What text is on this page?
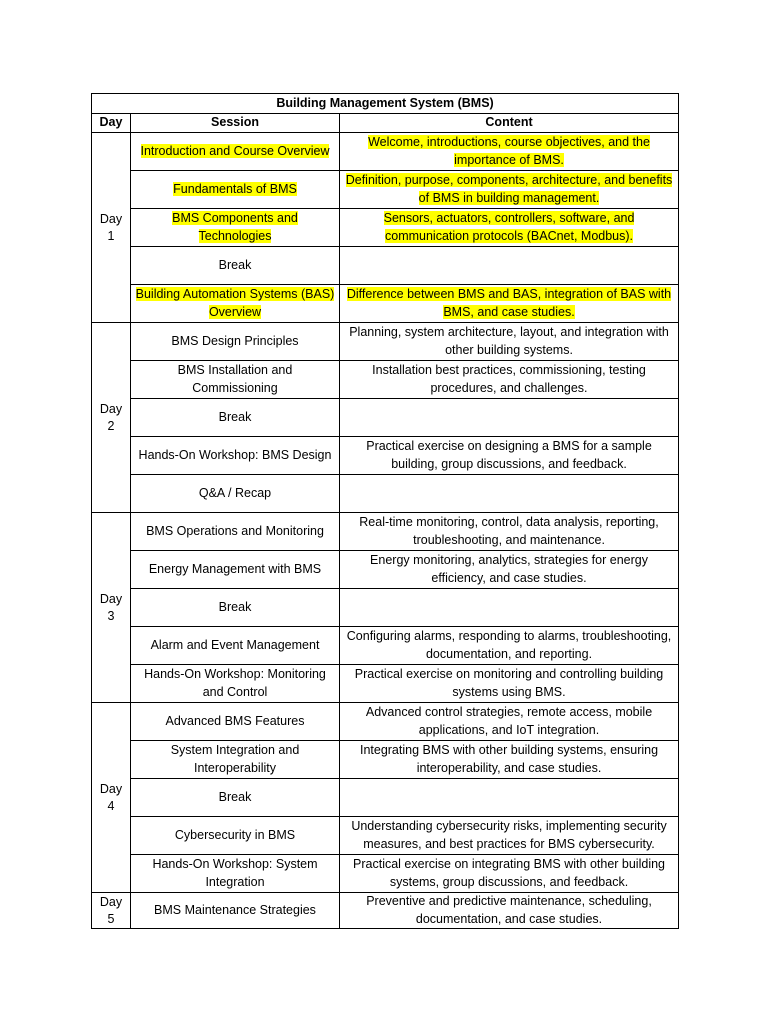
Building Management System (BMS)		
Day	Session	Content
Day 1	Introduction and Course Overview	Welcome, introductions, course objectives, and the importance of BMS.
	Fundamentals of BMS	Definition, purpose, components, architecture, and benefits of BMS in building management.
	BMS Components and Technologies	Sensors, actuators, controllers, software, and communication protocols (BACnet, Modbus).
	Break	
	Building Automation Systems (BAS) Overview	Difference between BMS and BAS, integration of BAS with BMS, and case studies.
Day 2	BMS Design Principles	Planning, system architecture, layout, and integration with other building systems.
	BMS Installation and Commissioning	Installation best practices, commissioning, testing procedures, and challenges.
	Break	
	Hands-On Workshop: BMS Design	Practical exercise on designing a BMS for a sample building, group discussions, and feedback.
	Q&A / Recap	
Day 3	BMS Operations and Monitoring	Real-time monitoring, control, data analysis, reporting, troubleshooting, and maintenance.
	Energy Management with BMS	Energy monitoring, analytics, strategies for energy efficiency, and case studies.
	Break	
	Alarm and Event Management	Configuring alarms, responding to alarms, troubleshooting, documentation, and reporting.
	Hands-On Workshop: Monitoring and Control	Practical exercise on monitoring and controlling building systems using BMS.
Day 4	Advanced BMS Features	Advanced control strategies, remote access, mobile applications, and IoT integration.
	System Integration and Interoperability	Integrating BMS with other building systems, ensuring interoperability, and case studies.
	Break	
	Cybersecurity in BMS	Understanding cybersecurity risks, implementing security measures, and best practices for BMS cybersecurity.
	Hands-On Workshop: System Integration	Practical exercise on integrating BMS with other building systems, group discussions, and feedback.
Day 5	BMS Maintenance Strategies	Preventive and predictive maintenance, scheduling, documentation, and case studies.
